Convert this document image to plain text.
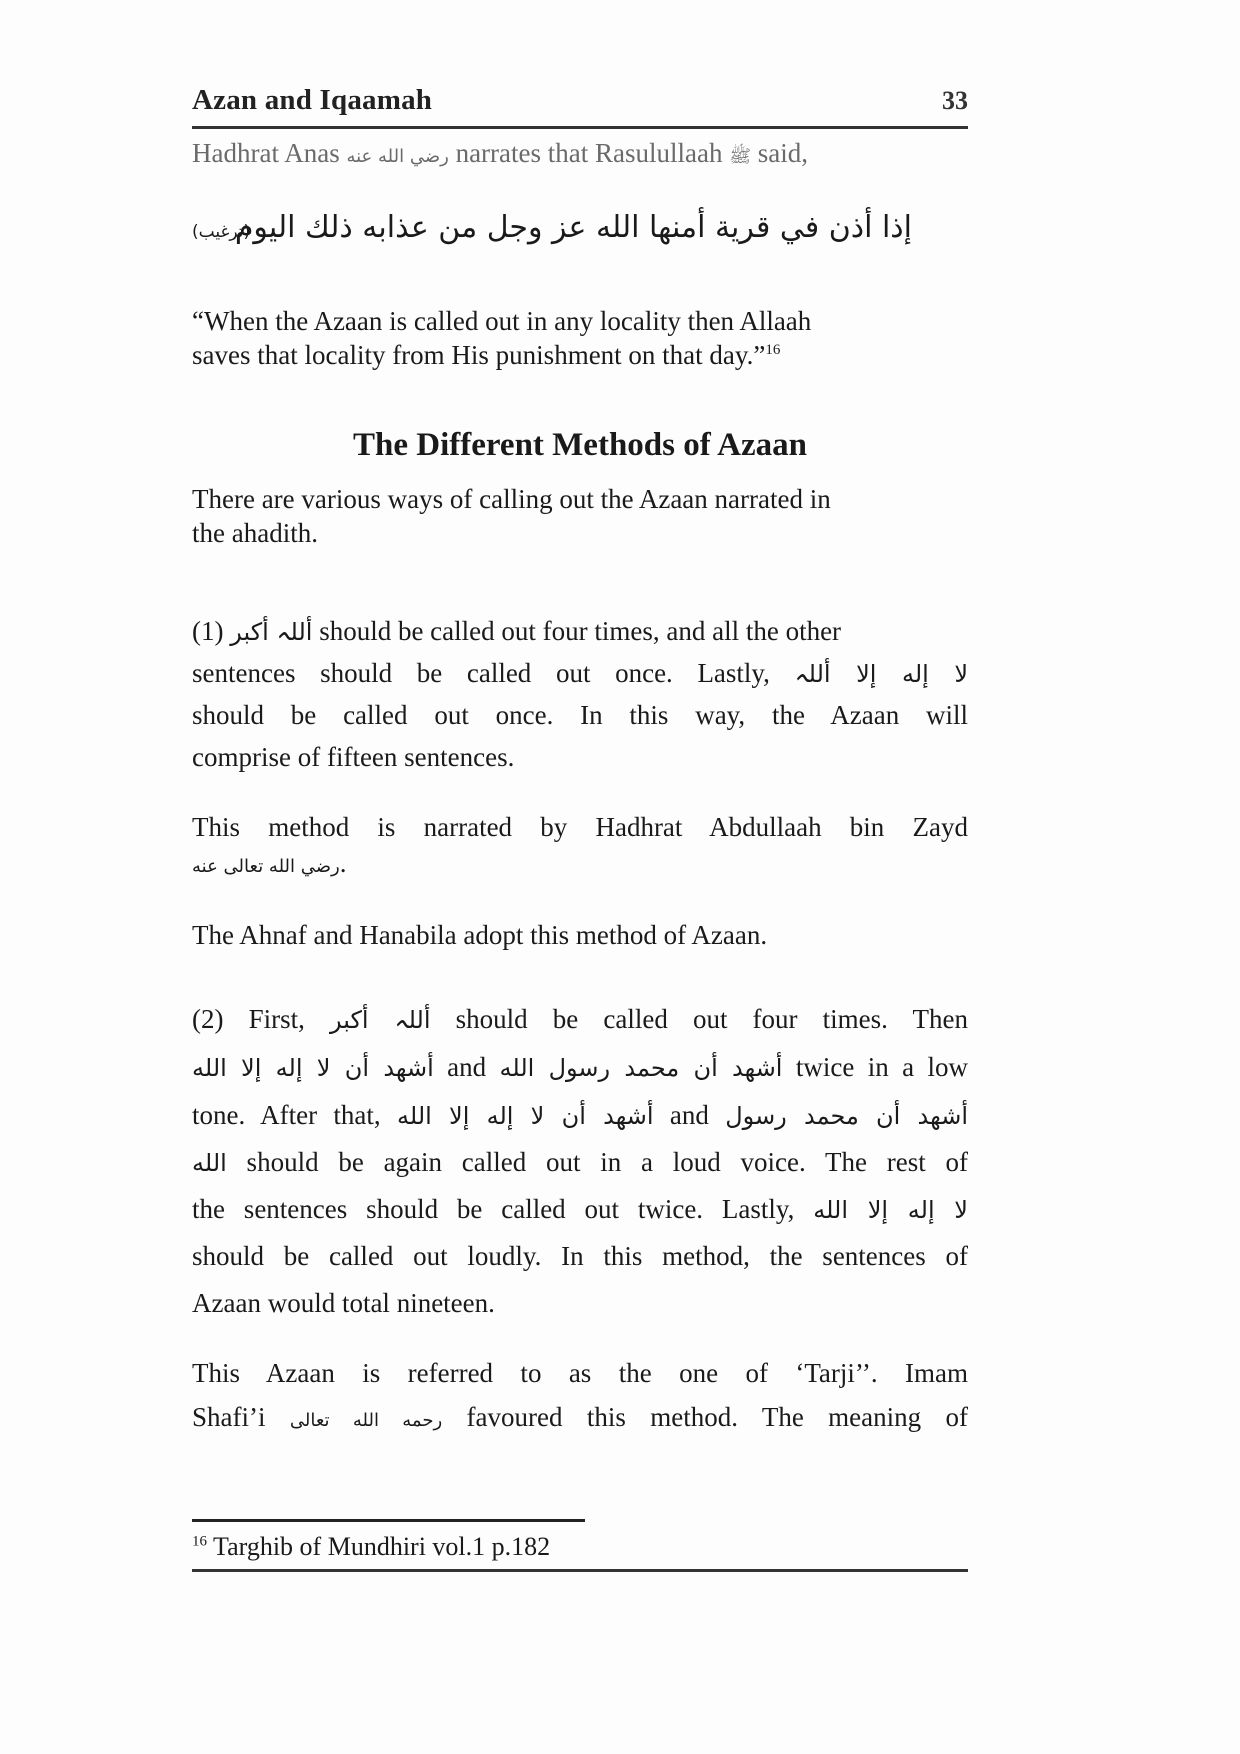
Azan and Iqaamah	33
Hadhrat Anas رضي الله عنه narrates that Rasulullaah ﷺ said,
إذا أذن في قرية أمنها الله عز وجل من عذابه ذلك اليوم
(ترغيب)
“When the Azaan is called out in any locality then Allaah
saves that locality from His punishment on that day.”$^{16}$
The Different Methods of Azaan
There are various ways of calling out the Azaan narrated in
the ahadith.
(1) أللہ أكبر should be called out four times, and all the other
sentences should be called out once. Lastly, لا إله إلا أللہ
should be called out once. In this way, the Azaan will
comprise of fifteen sentences.
This method is narrated by Hadhrat Abdullaah bin Zayd
رضي الله تعالى عنه.
The Ahnaf and Hanabila adopt this method of Azaan.
(2) First, أللہ أكبر should be called out four times. Then
أشهد أن لا إله إلا الله and أشهد أن محمد رسول الله twice in a low
tone. After that, أشهد أن لا إله إلا الله and أشهد أن محمد رسول
الله should be again called out in a loud voice. The rest of
the sentences should be called out twice. Lastly, لا إله إلا الله
should be called out loudly. In this method, the sentences of
Azaan would total nineteen.
This Azaan is referred to as the one of ‘Tarji’’. Imam
Shafi’i رحمه الله تعالى favoured this method. The meaning of
$^{16}$ Targhib of Mundhiri vol.1 p.182
